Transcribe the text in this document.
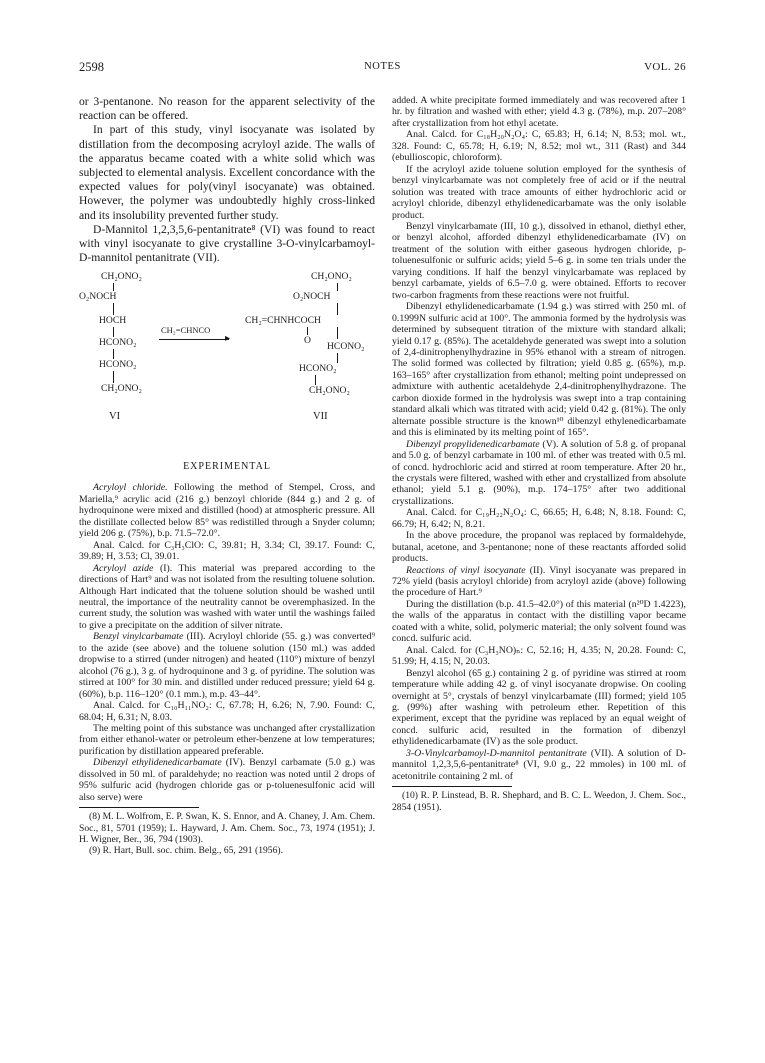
2598	NOTES	VOL. 26

or 3-pentanone. No reason for the apparent selectivity of the reaction can be offered.

In part of this study, vinyl isocyanate was isolated by distillation from the decomposing acryloyl azide. The walls of the apparatus became coated with a white solid which was subjected to elemental analysis. Excellent concordance with the expected values for poly(vinyl isocyanate) was obtained. However, the polymer was undoubtedly highly cross-linked and its insolubility prevented further study.

D-Mannitol 1,2,3,5,6-pentanitrate⁸ (VI) was found to react with vinyl isocyanate to give crystalline 3-O-vinylcarbamoyl-D-mannitol pentanitrate (VII).

CH₂ONO₂
O₂NOCH
HOCH
HCONO₂
HCONO₂
CH₂ONO₂
VI
CH₂=CHNCO
▸
CH₂ONO₂
O₂NOCH
CH₂=CHNHCOCH
O
HCONO₂
HCONO₂
CH₂ONO₂
VII
EXPERIMENTAL

Acryloyl chloride. Following the method of Stempel, Cross, and Mariella,⁹ acrylic acid (216 g.) benzoyl chloride (844 g.) and 2 g. of hydroquinone were mixed and distilled (hood) at atmospheric pressure. All the distillate collected below 85° was redistilled through a Snyder column; yield 206 g. (75%), b.p. 71.5–72.0°.

Anal. Calcd. for C₃H₃ClO: C, 39.81; H, 3.34; Cl, 39.17. Found: C, 39.89; H, 3.53; Cl, 39.01.

Acryloyl azide (I). This material was prepared according to the directions of Hart⁹ and was not isolated from the resulting toluene solution. Although Hart indicated that the toluene solution should be washed until neutral, the importance of the neutrality cannot be overemphasized. In the current study, the solution was washed with water until the washings failed to give a precipitate on the addition of silver nitrate.

Benzyl vinylcarbamate (III). Acryloyl chloride (55. g.) was converted⁹ to the azide (see above) and the toluene solution (150 ml.) was added dropwise to a stirred (under nitrogen) and heated (110°) mixture of benzyl alcohol (76 g.), 3 g. of hydroquinone and 3 g. of pyridine. The solution was stirred at 100° for 30 min. and distilled under reduced pressure; yield 64 g. (60%), b.p. 116–120° (0.1 mm.), m.p. 43–44°.

Anal. Calcd. for C₁₀H₁₁NO₂: C, 67.78; H, 6.26; N, 7.90. Found: C, 68.04; H, 6.31; N, 8.03.

The melting point of this substance was unchanged after crystallization from either ethanol-water or petroleum ether-benzene at low temperatures; purification by distillation appeared preferable.

Dibenzyl ethylidenedicarbamate (IV). Benzyl carbamate (5.0 g.) was dissolved in 50 ml. of paraldehyde; no reaction was noted until 2 drops of 95% sulfuric acid (hydrogen chloride gas or p-toluenesulfonic acid will also serve) were

(8) M. L. Wolfrom, E. P. Swan, K. S. Ennor, and A. Chaney, J. Am. Chem. Soc., 81, 5701 (1959); L. Hayward, J. Am. Chem. Soc., 73, 1974 (1951); J. H. Wigner, Ber., 36, 794 (1903).

(9) R. Hart, Bull. soc. chim. Belg., 65, 291 (1956).

added. A white precipitate formed immediately and was recovered after 1 hr. by filtration and washed with ether; yield 4.3 g. (78%), m.p. 207–208° after crystallization from hot ethyl acetate.

Anal. Calcd. for C₁₈H₂₀N₂O₄: C, 65.83; H, 6.14; N, 8.53; mol. wt., 328. Found: C, 65.78; H, 6.19; N, 8.52; mol wt., 311 (Rast) and 344 (ebullioscopic, chloroform).

If the acryloyl azide toluene solution employed for the synthesis of benzyl vinylcarbamate was not completely free of acid or if the neutral solution was treated with trace amounts of either hydrochloric acid or acryloyl chloride, dibenzyl ethylidenedicarbamate was the only isolable product.

Benzyl vinylcarbamate (III, 10 g.), dissolved in ethanol, diethyl ether, or benzyl alcohol, afforded dibenzyl ethylidenedicarbamate (IV) on treatment of the solution with either gaseous hydrogen chloride, p-toluenesulfonic or sulfuric acids; yield 5–6 g. in some ten trials under the varying conditions. If half the benzyl vinylcarbamate was replaced by benzyl carbamate, yields of 6.5–7.0 g. were obtained. Efforts to recover two-carbon fragments from these reactions were not fruitful.

Dibenzyl ethylidenedicarbamate (1.94 g.) was stirred with 250 ml. of 0.1999N sulfuric acid at 100°. The ammonia formed by the hydrolysis was determined by subsequent titration of the mixture with standard alkali; yield 0.17 g. (85%). The acetaldehyde generated was swept into a solution of 2,4-dinitrophenylhydrazine in 95% ethanol with a stream of nitrogen. The solid formed was collected by filtration; yield 0.85 g. (65%), m.p. 163–165° after crystallization from ethanol; melting point undepressed on admixture with authentic acetaldehyde 2,4-dinitrophenylhydrazone. The carbon dioxide formed in the hydrolysis was swept into a trap containing standard alkali which was titrated with acid; yield 0.42 g. (81%). The only alternate possible structure is the known¹⁰ dibenzyl ethylenedicarbamate and this is eliminated by its melting point of 165°.

Dibenzyl propylidenedicarbamate (V). A solution of 5.8 g. of propanal and 5.0 g. of benzyl carbamate in 100 ml. of ether was treated with 0.5 ml. of concd. hydrochloric acid and stirred at room temperature. After 20 hr., the crystals were filtered, washed with ether and crystallized from absolute ethanol; yield 5.1 g. (90%), m.p. 174–175° after two additional crystallizations.

Anal. Calcd. for C₁₉H₂₂N₂O₄: C, 66.65; H, 6.48; N, 8.18. Found: C, 66.79; H, 6.42; N, 8.21.

In the above procedure, the propanol was replaced by formaldehyde, butanal, acetone, and 3-pentanone; none of these reactants afforded solid products.

Reactions of vinyl isocyanate (II). Vinyl isocyanate was prepared in 72% yield (basis acryloyl chloride) from acryloyl azide (above) following the procedure of Hart.⁹

During the distillation (b.p. 41.5–42.0°) of this material (n²⁰D 1.4223), the walls of the apparatus in contact with the distilling vapor became coated with a white, solid, polymeric material; the only solvent found was concd. sulfuric acid.

Anal. Calcd. for (C₃H₃NO)ₙ: C, 52.16; H, 4.35; N, 20.28. Found: C, 51.99; H, 4.15; N, 20.03.

Benzyl alcohol (65 g.) containing 2 g. of pyridine was stirred at room temperature while adding 42 g. of vinyl isocyanate dropwise. On cooling overnight at 5°, crystals of benzyl vinylcarbamate (III) formed; yield 105 g. (99%) after washing with petroleum ether. Repetition of this experiment, except that the pyridine was replaced by an equal weight of concd. sulfuric acid, resulted in the formation of dibenzyl ethylidenedicarbamate (IV) as the sole product.

3-O-Vinylcarbamoyl-D-mannitol pentanitrate (VII). A solution of D-mannitol 1,2,3,5,6-pentanitrate⁸ (VI, 9.0 g., 22 mmoles) in 100 ml. of acetonitrile containing 2 ml. of

(10) R. P. Linstead, B. R. Shephard, and B. C. L. Weedon, J. Chem. Soc., 2854 (1951).
